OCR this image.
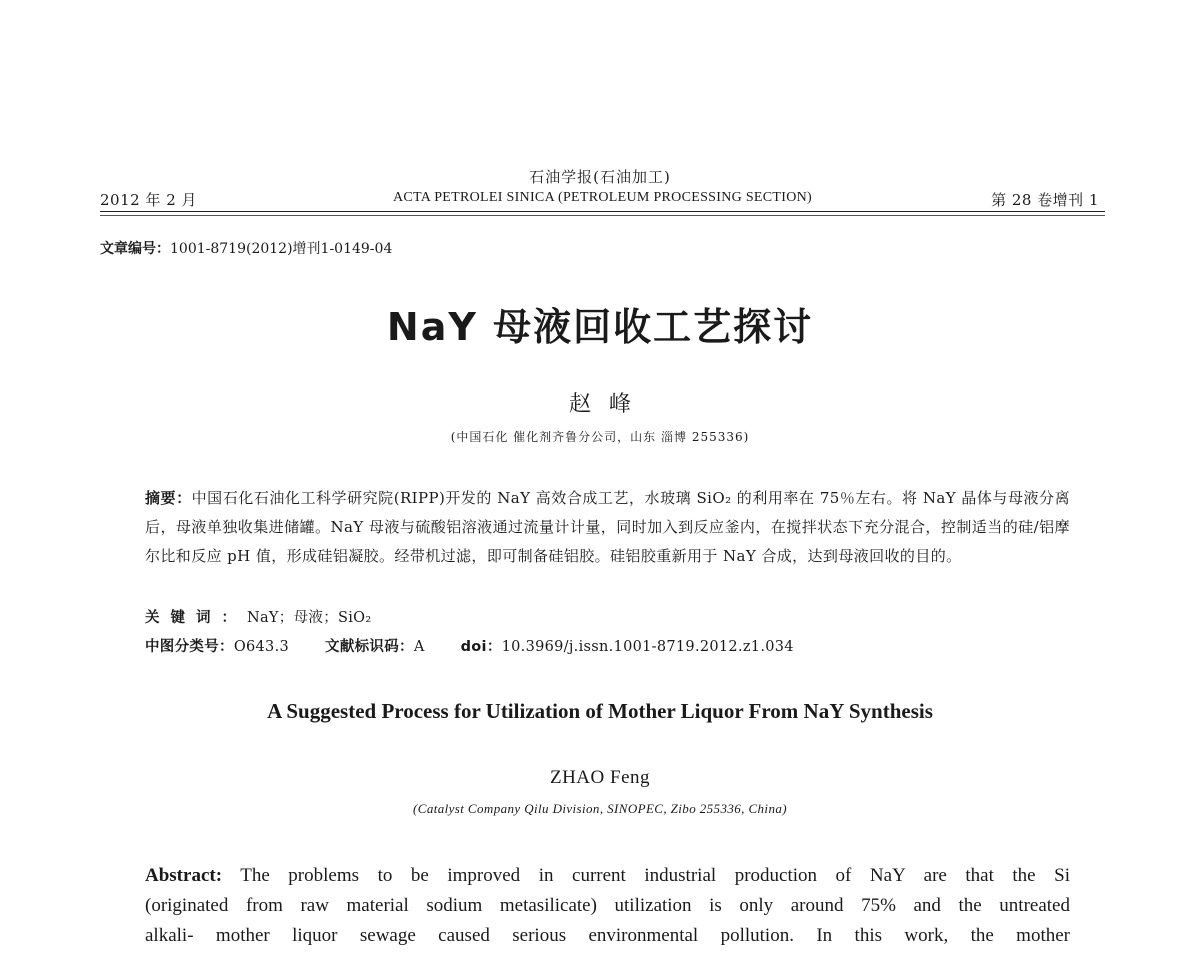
石油学报(石油加工)
2012 年 2 月	ACTA PETROLEI SINICA (PETROLEUM PROCESSING SECTION)	第 28 卷增刊 1
文章编号：1001-8719(2012)增刊1-0149-04
NaY 母液回收工艺探讨
赵峰
(中国石化 催化剂齐鲁分公司，山东 淄博 255336)

摘要：中国石化石油化工科学研究院(RIPP)开发的 NaY 高效合成工艺，水玻璃 SiO₂ 的利用率在 75％左右。将 NaY 晶体与母液分离后，母液单独收集进储罐。NaY 母液与硫酸铝溶液通过流量计计量，同时加入到反应釜内，在搅拌状态下充分混合，控制适当的硅/铝摩尔比和反应 pH 值，形成硅铝凝胶。经带机过滤，即可制备硅铝胶。硅铝胶重新用于 NaY 合成，达到母液回收的目的。

关键词：NaY；母液；SiO₂
中图分类号：O643.3 文献标识码：A doi：10.3969/j.issn.1001-8719.2012.z1.034
A Suggested Process for Utilization of Mother Liquor From NaY Synthesis
ZHAO Feng
(Catalyst Company Qilu Division, SINOPEC, Zibo 255336, China)
Abstract: The problems to be improved in current industrial production of NaY are that the Si
(originated from raw material sodium metasilicate) utilization is only around 75% and the untreated
alkali- mother liquor sewage caused serious environmental pollution. In this work, the mother
